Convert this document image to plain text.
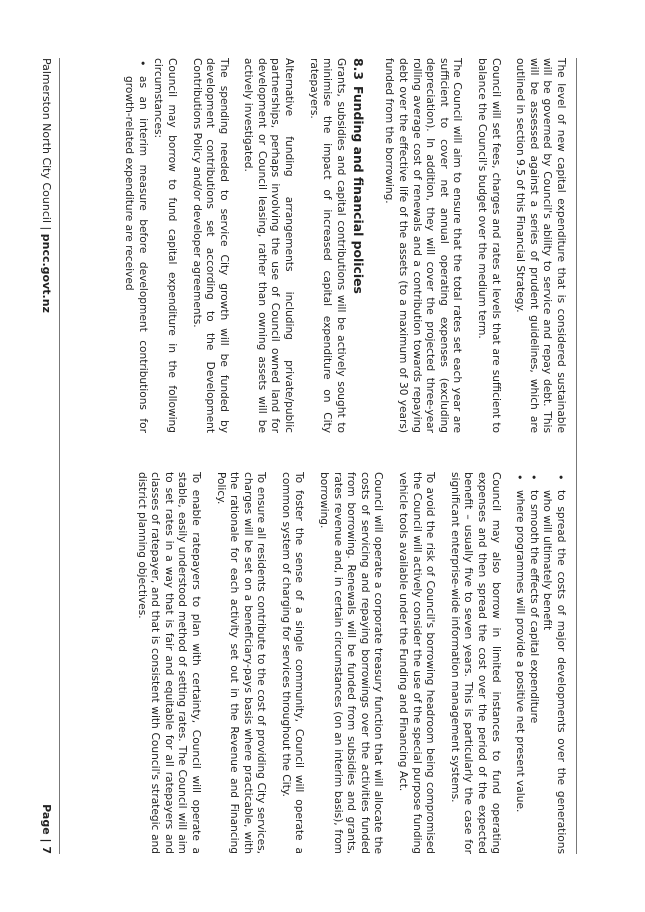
The level of new capital expenditure that is considered sustainable will be governed by Council's ability to service and repay debt. This will be assessed against a series of prudent guidelines, which are outlined in section 9.5 of this Financial Strategy.

Council will set fees, charges and rates at levels that are sufficient to balance the Council's budget over the medium term.

The Council will aim to ensure that the total rates set each year are sufficient to cover net annual operating expenses (excluding depreciation). In addition, they will cover the projected three-year rolling average cost of renewals and a contribution towards repaying debt over the effective life of the assets (to a maximum of 30 years) funded from the borrowing.

8.3Funding and financial policies

Grants, subsidies and capital contributions will be actively sought to minimise the impact of increased capital expenditure on City ratepayers.

Alternative funding arrangements including private/public partnerships, perhaps involving the use of Council owned land for development or Council leasing, rather than owning assets will be actively investigated.

The spending needed to service City growth will be funded by development contributions set according to the Development Contributions Policy and/or developer agreements.

Council may borrow to fund capital expenditure in the following circumstances:

• as an interim measure before development contributions for growth-related expenditure are received
• to spread the costs of major developments over the generations who will ultimately benefit
• to smooth the effects of capital expenditure
• where programmes will provide a positive net present value.

Council may also borrow in limited instances to fund operating expenses and then spread the cost over the period of the expected benefit – usually five to seven years. This is particularly the case for significant enterprise-wide information management systems.

To avoid the risk of Council's borrowing headroom being compromised the Council will actively consider the use of the special purpose funding vehicle tools available under the Funding and Financing Act.

Council will operate a corporate treasury function that will allocate the costs of servicing and repaying borrowings over the activities funded from borrowing. Renewals will be funded from subsidies and grants, rates revenue and, in certain circumstances (on an interim basis), from borrowing.

To foster the sense of a single community, Council will operate a common system of charging for services throughout the City.

To ensure all residents contribute to the cost of providing City services, charges will be set on a beneficiary-pays basis where practicable, with the rationale for each activity set out in the Revenue and Financing Policy.

To enable ratepayers to plan with certainty, Council will operate a stable, easily understood method of setting rates. The Council will aim to set rates in a way that is fair and equitable for all ratepayers and classes of ratepayer, and that is consistent with Council's strategic and district planning objectives.

Palmerston North City Council | pncc.govt.nz
Page | 7
